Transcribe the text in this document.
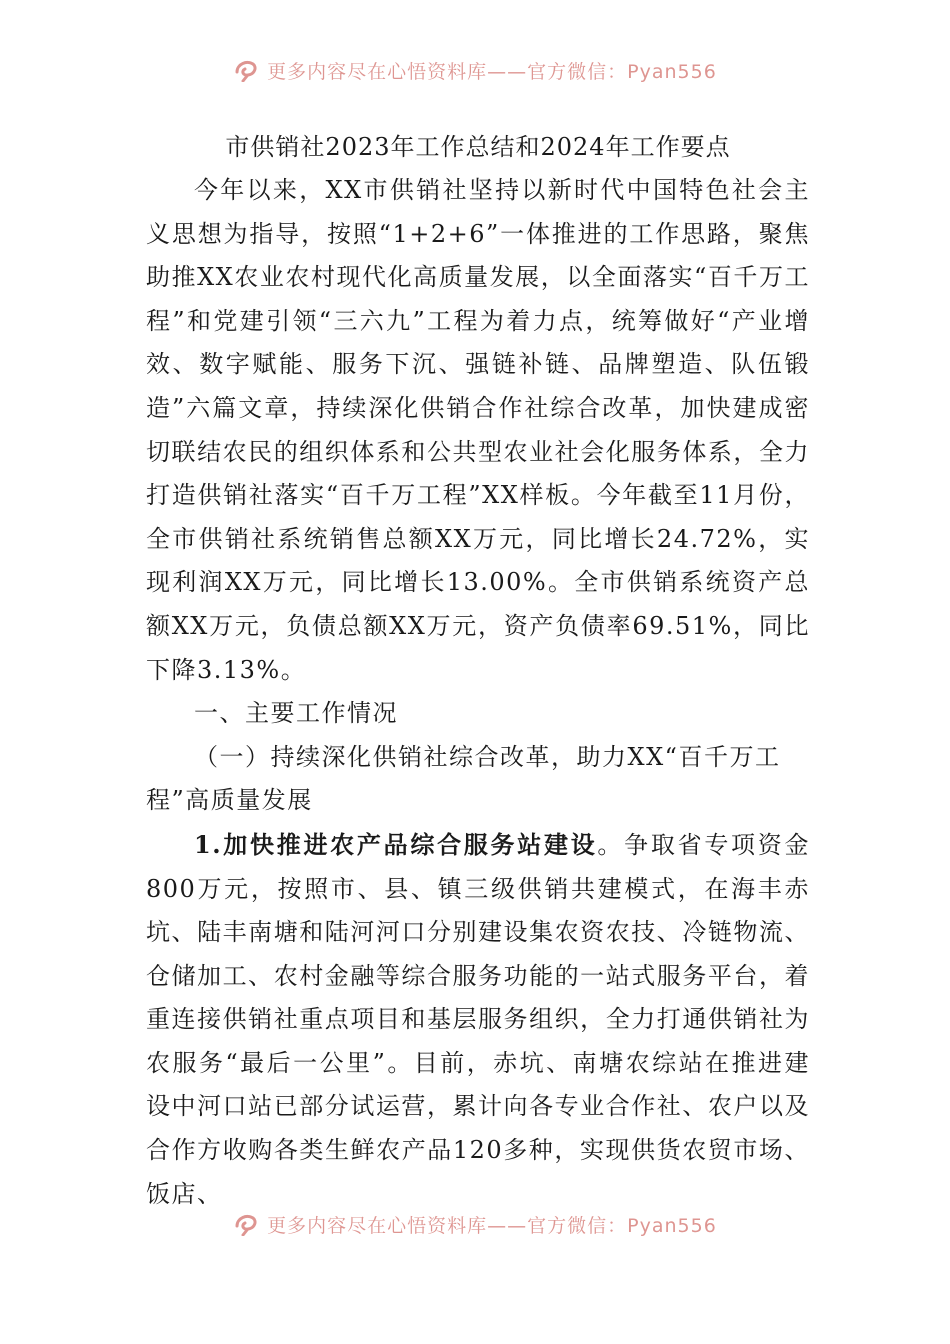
更多内容尽在心悟资料库——官方微信：Pyan556
市供销社2023年工作总结和2024年工作要点

今年以来，XX市供销社坚持以新时代中国特色社会主义思想为指导，按照“1+2+6”一体推进的工作思路，聚焦助推XX农业农村现代化高质量发展，以全面落实“百千万工程”和党建引领“三六九”工程为着力点，统筹做好“产业增效、数字赋能、服务下沉、强链补链、品牌塑造、队伍锻造”六篇文章，持续深化供销合作社综合改革，加快建成密切联结农民的组织体系和公共型农业社会化服务体系，全力打造供销社落实“百千万工程”XX样板。今年截至11月份，全市供销社系统销售总额XX万元，同比增长24.72%，实现利润XX万元，同比增长13.00%。全市供销系统资产总额XX万元，负债总额XX万元，资产负债率69.51%，同比下降3.13%。

一、主要工作情况

（一）持续深化供销社综合改革，助力XX“百千万工程”高质量发展

1.加快推进农产品综合服务站建设。争取省专项资金800万元，按照市、县、镇三级供销共建模式，在海丰赤坑、陆丰南塘和陆河河口分别建设集农资农技、冷链物流、仓储加工、农村金融等综合服务功能的一站式服务平台，着重连接供销社重点项目和基层服务组织，全力打通供销社为农服务“最后一公里”。目前，赤坑、南塘农综站在推进建设中河口站已部分试运营，累计向各专业合作社、农户以及合作方收购各类生鲜农产品120多种，实现供货农贸市场、饭店、

更多内容尽在心悟资料库——官方微信：Pyan556
